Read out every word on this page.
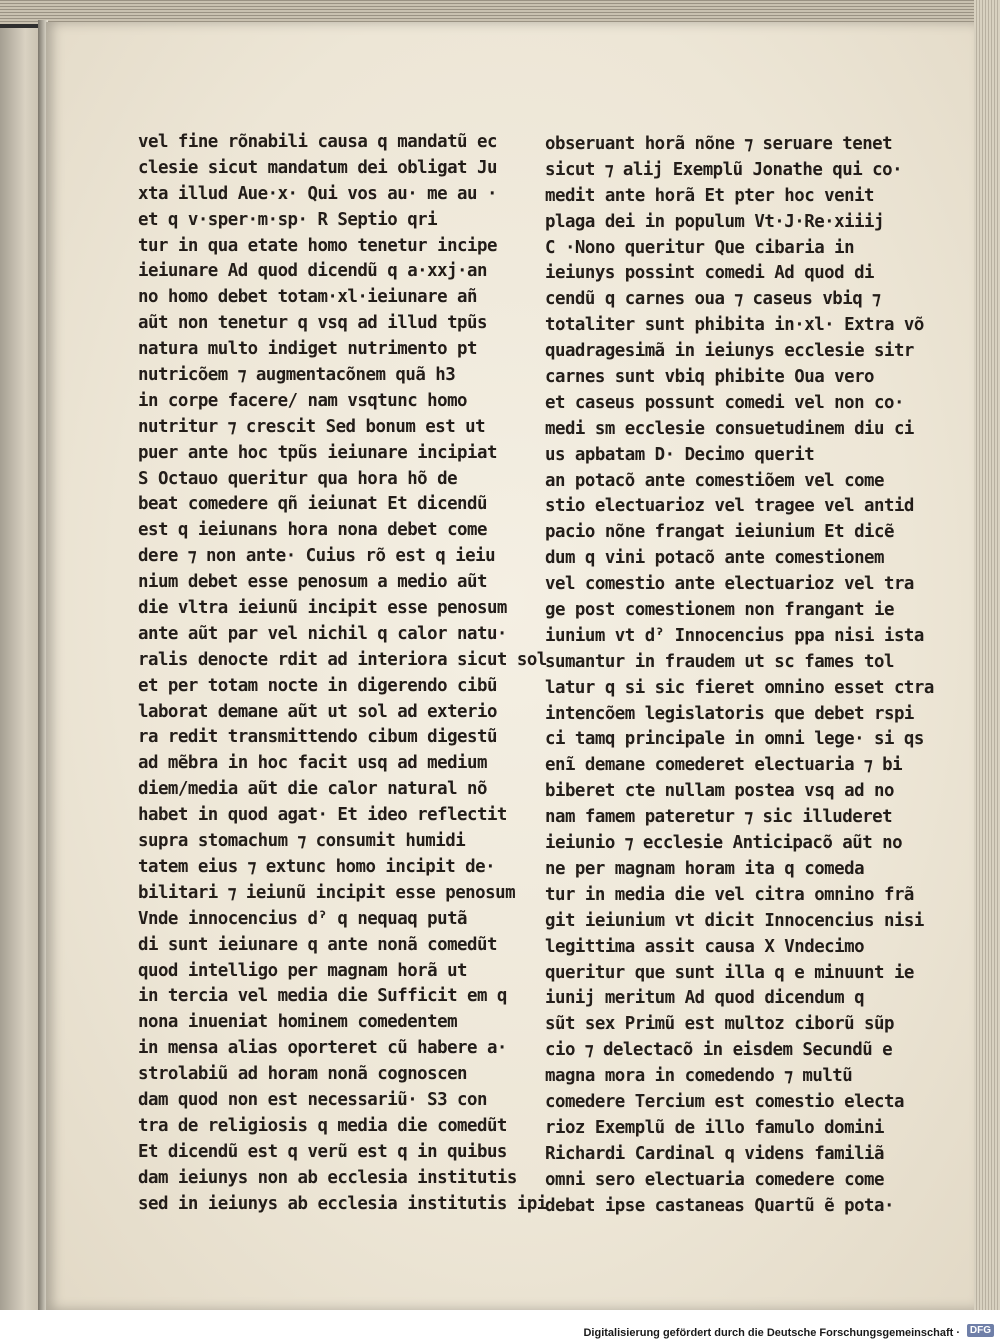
vel fine rõnabili causa q mandatũ ec
clesie sicut mandatum dei obligat Ju
xta illud Aue·x· Qui vos au· me au ·
et q v·sper·m·sp· R Septio qri
tur in qua etate homo tenetur incipe
ieiunare Ad quod dicendũ q a·xxj·an
no homo debet totam·xl·ieiunare añ
aũt non tenetur q vsq ad illud tpũs
natura multo indiget nutrimento pt
nutricõem ⁊ augmentacõnem quã h3
in corpe facere/ nam vsqtunc homo
nutritur ⁊ crescit Sed bonum est ut
puer ante hoc tpũs ieiunare incipiat
S Octauo queritur qua hora hõ de
beat comedere qñ ieiunat Et dicendũ
est q ieiunans hora nona debet come
dere ⁊ non ante· Cuius rõ est q ieiu
nium debet esse penosum a medio aũt
die vltra ieiunũ incipit esse penosum
ante aũt par vel nichil q calor natu·
ralis denocte rdit ad interiora sicut sol
et per totam nocte in digerendo cibũ
laborat demane aũt ut sol ad exterio
ra redit transmittendo cibum digestũ
ad mẽbra in hoc facit usq ad medium
diem/media aũt die calor natural nõ
habet in quod agat· Et ideo reflectit
supra stomachum ⁊ consumit humidi
tatem eius ⁊ extunc homo incipit de·
bilitari ⁊ ieiunũ incipit esse penosum
Vnde innocencius dˀ q nequaq putã
di sunt ieiunare q ante nonã comedũt
quod intelligo per magnam horã ut
in tercia vel media die Sufficit em q
nona inueniat hominem comedentem
in mensa alias oporteret cũ habere a·
strolabiũ ad horam nonã cognoscen
dam quod non est necessariũ· S3 con
tra de religiosis q media die comedũt
Et dicendũ est q verũ est q in quibus
dam ieiunys non ab ecclesia institutis
sed in ieiunys ab ecclesia institutis ipi
obseruant horã nõne ⁊ seruare tenet
sicut ⁊ alij Exemplũ Jonathe qui co·
medit ante horã Et pter hoc venit
plaga dei in populum Vt·J·Re·xiiij
C ·Nono queritur Que cibaria in
ieiunys possint comedi Ad quod di
cendũ q carnes oua ⁊ caseus vbiq ⁊
totaliter sunt phibita in·xl· Extra võ
quadragesimã in ieiunys ecclesie sitr
carnes sunt vbiq phibite Oua vero
et caseus possunt comedi vel non co·
medi sm ecclesie consuetudinem diu ci
us apbatam D· Decimo querit
an potacõ ante comestiõem vel come
stio electuarioz vel tragee vel antid
pacio nõne frangat ieiunium Et dicẽ
dum q vini potacõ ante comestionem
vel comestio ante electuarioz vel tra
ge post comestionem non frangant ie
iunium vt dˀ Innocencius ppa nisi ista
sumantur in fraudem ut sc fames tol
latur q si sic fieret omnino esset ctra
intencõem legislatoris que debet rspi
ci tamq principale in omni lege· si qs
enĩ demane comederet electuaria ⁊ bi
biberet cte nullam postea vsq ad no
nam famem pateretur ⁊ sic illuderet
ieiunio ⁊ ecclesie Anticipacõ aũt no
ne per magnam horam ita q comeda
tur in media die vel citra omnino frã
git ieiunium vt dicit Innocencius nisi
legittima assit causa X Vndecimo
queritur que sunt illa q e minuunt ie
iunij meritum Ad quod dicendum q
sũt sex Primũ est multoz ciborũ sũp
cio ⁊ delectacõ in eisdem Secundũ e
magna mora in comedendo ⁊ multũ
comedere Tercium est comestio electa
rioz Exemplũ de illo famulo domini
Richardi Cardinal q videns familiã
omni sero electuaria comedere come
debat ipse castaneas Quartũ ẽ pota·
Digitalisierung gefördert durch die Deutsche Forschungsgemeinschaft · DFG
